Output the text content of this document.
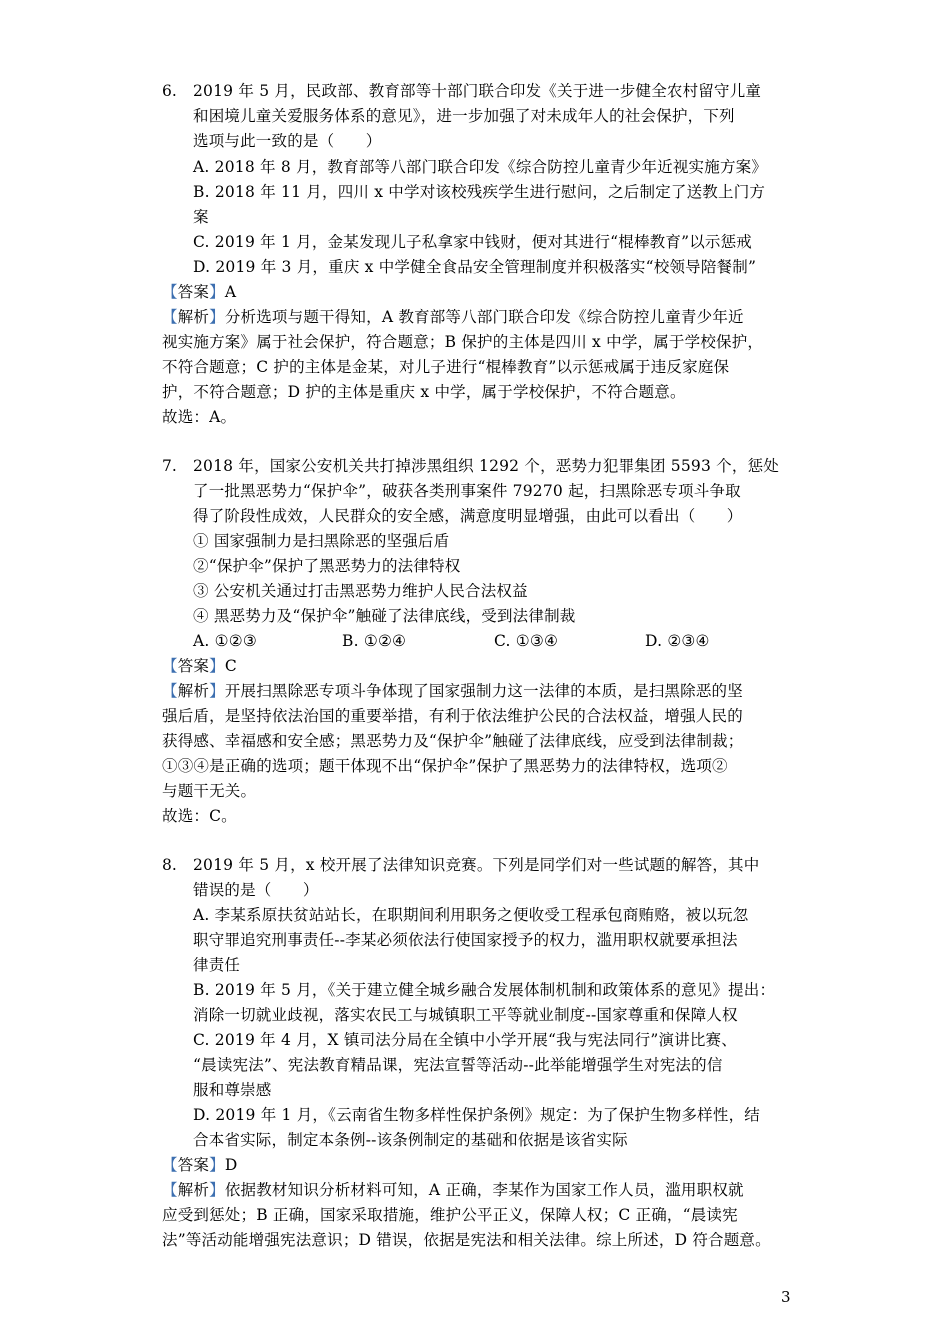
6. 2019 年 5 月，民政部、教育部等十部门联合印发《关于进一步健全农村留守儿童
和困境儿童关爱服务体系的意见》，进一步加强了对未成年人的社会保护，下列
选项与此一致的是（　　）
A. 2018 年 8 月，教育部等八部门联合印发《综合防控儿童青少年近视实施方案》
B. 2018 年 11 月，四川 x 中学对该校残疾学生进行慰问，之后制定了送教上门方
案
C. 2019 年 1 月，金某发现儿子私拿家中钱财，便对其进行“棍棒教育”以示惩戒
D. 2019 年 3 月，重庆 x 中学健全食品安全管理制度并积极落实“校领导陪餐制”
【答案】A
【解析】分析选项与题干得知，A 教育部等八部门联合印发《综合防控儿童青少年近
视实施方案》属于社会保护，符合题意；B 保护的主体是四川 x 中学，属于学校保护，
不符合题意；C 护的主体是金某，对儿子进行“棍棒教育”以示惩戒属于违反家庭保
护，不符合题意；D 护的主体是重庆 x 中学，属于学校保护，不符合题意。
故选：A。
7. 2018 年，国家公安机关共打掉涉黑组织 1292 个，恶势力犯罪集团 5593 个，惩处
了一批黑恶势力“保护伞”，破获各类刑事案件 79270 起，扫黑除恶专项斗争取
得了阶段性成效，人民群众的安全感，满意度明显增强，由此可以看出（　　）
① 国家强制力是扫黑除恶的坚强后盾
②“保护伞”保护了黑恶势力的法律特权
③ 公安机关通过打击黑恶势力维护人民合法权益
④ 黑恶势力及“保护伞”触碰了法律底线，受到法律制裁
A. ①②③	B. ①②④	C. ①③④	D. ②③④
【答案】C
【解析】开展扫黑除恶专项斗争体现了国家强制力这一法律的本质，是扫黑除恶的坚
强后盾，是坚持依法治国的重要举措，有利于依法维护公民的合法权益，增强人民的
获得感、幸福感和安全感；黑恶势力及“保护伞”触碰了法律底线，应受到法律制裁；
①③④是正确的选项；题干体现不出“保护伞”保护了黑恶势力的法律特权，选项②
与题干无关。
故选：C。
8. 2019 年 5 月，x 校开展了法律知识竞赛。下列是同学们对一些试题的解答，其中
错误的是（　　）
A. 李某系原扶贫站站长，在职期间利用职务之便收受工程承包商贿赂，被以玩忽
职守罪追究刑事责任--李某必须依法行使国家授予的权力，滥用职权就要承担法
律责任
B. 2019 年 5 月，《关于建立健全城乡融合发展体制机制和政策体系的意见》提出：
消除一切就业歧视，落实农民工与城镇职工平等就业制度--国家尊重和保障人权
C. 2019 年 4 月，X 镇司法分局在全镇中小学开展“我与宪法同行”演讲比赛、
“晨读宪法”、宪法教育精品课，宪法宣誓等活动--此举能增强学生对宪法的信
服和尊崇感
D. 2019 年 1 月，《云南省生物多样性保护条例》规定：为了保护生物多样性，结
合本省实际，制定本条例--该条例制定的基础和依据是该省实际
【答案】D
【解析】依据教材知识分析材料可知，A 正确，李某作为国家工作人员，滥用职权就
应受到惩处；B 正确，国家采取措施，维护公平正义，保障人权；C 正确，“晨读宪
法”等活动能增强宪法意识；D 错误，依据是宪法和相关法律。综上所述，D 符合题意。
3
